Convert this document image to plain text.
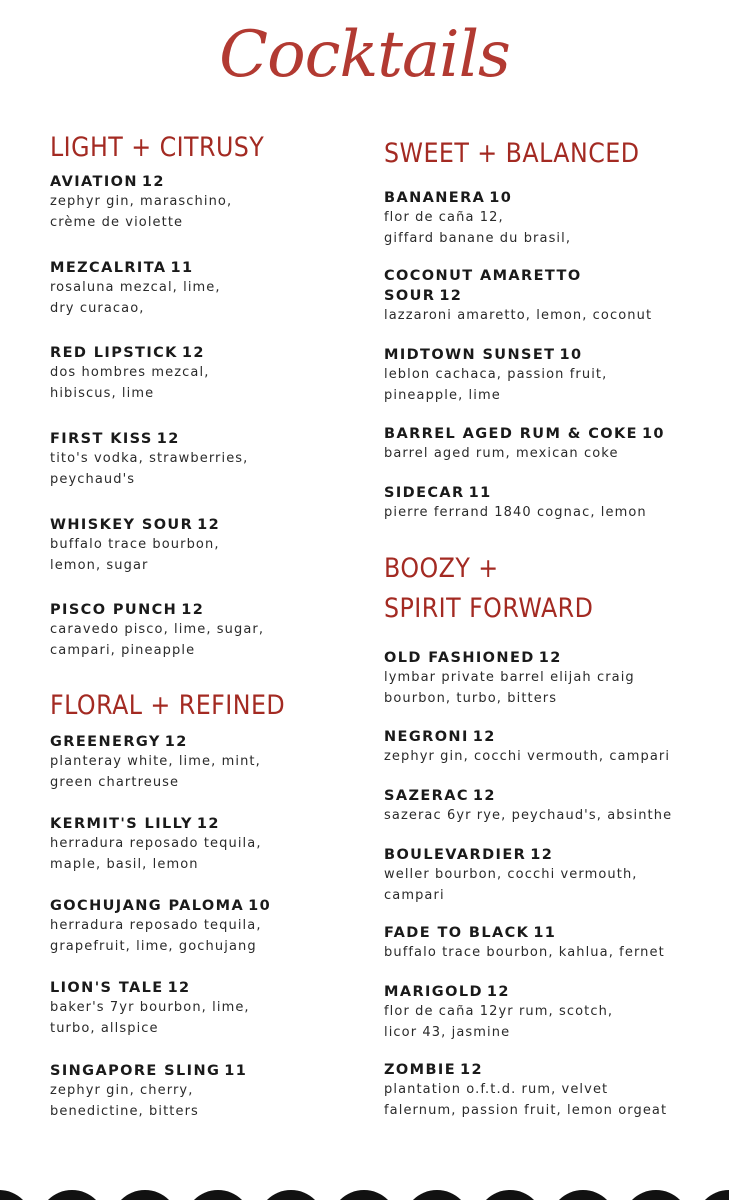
Cocktails
LIGHT + CITRUSY
AVIATION 12
zephyr gin, maraschino,
crème de violette
MEZCALRITA 11
rosaluna mezcal, lime,
dry curacao,
RED LIPSTICK 12
dos hombres mezcal,
hibiscus, lime
FIRST KISS 12
tito's vodka, strawberries,
peychaud's
WHISKEY SOUR 12
buffalo trace bourbon,
lemon, sugar
PISCO PUNCH 12
caravedo pisco, lime, sugar,
campari, pineapple
FLORAL + REFINED
GREENERGY 12
planteray white, lime, mint,
green chartreuse
KERMIT'S LILLY 12
herradura reposado tequila,
maple, basil, lemon
GOCHUJANG PALOMA 10
herradura reposado tequila,
grapefruit, lime, gochujang
LION'S TALE 12
baker's 7yr bourbon, lime,
turbo, allspice
SINGAPORE SLING 11
zephyr gin, cherry,
benedictine, bitters
SWEET + BALANCED
BANANERA 10
flor de caña 12,
giffard banane du brasil,
COCONUT AMARETTO
SOUR 12
lazzaroni amaretto, lemon, coconut
MIDTOWN SUNSET 10
leblon cachaca, passion fruit,
pineapple, lime
BARREL AGED RUM & COKE 10
barrel aged rum, mexican coke
SIDECAR 11
pierre ferrand 1840 cognac, lemon
BOOZY +
SPIRIT FORWARD
OLD FASHIONED 12
lymbar private barrel elijah craig
bourbon, turbo, bitters
NEGRONI 12
zephyr gin, cocchi vermouth, campari
SAZERAC 12
sazerac 6yr rye, peychaud's, absinthe
BOULEVARDIER 12
weller bourbon, cocchi vermouth,
campari
FADE TO BLACK 11
buffalo trace bourbon, kahlua, fernet
MARIGOLD 12
flor de caña 12yr rum, scotch,
licor 43, jasmine
ZOMBIE 12
plantation o.f.t.d. rum, velvet
falernum, passion fruit, lemon orgeat
